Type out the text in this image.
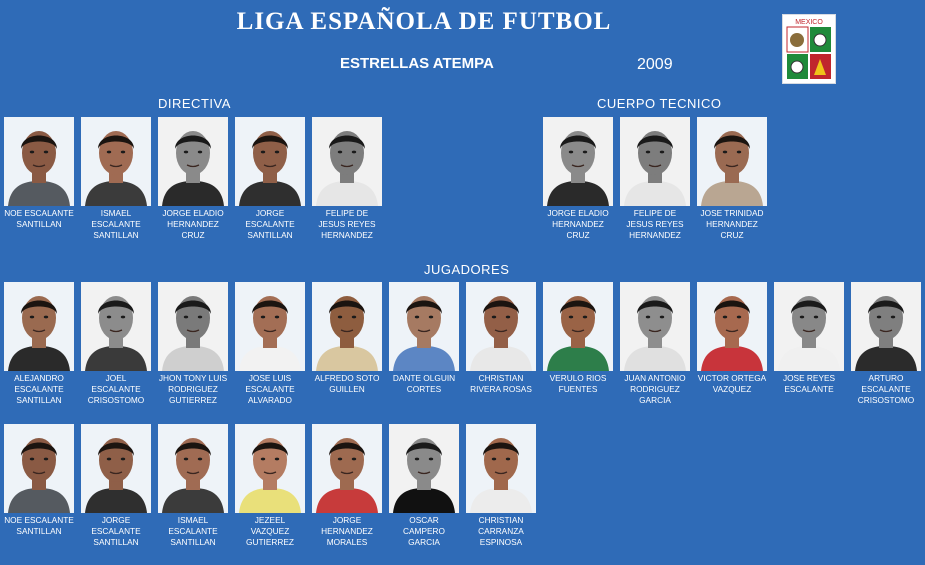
LIGA ESPAÑOLA DE FUTBOL
ESTRELLAS ATEMPA	2009
MEXICO
DIRECTIVA	CUERPO TECNICO
JUGADORES
NOE ESCALANTE SANTILLAN
ISMAEL ESCALANTE SANTILLAN
JORGE ELADIO HERNANDEZ CRUZ
JORGE ESCALANTE SANTILLAN
FELIPE DE JESUS REYES HERNANDEZ
JORGE ELADIO HERNANDEZ CRUZ
FELIPE DE JESUS REYES HERNANDEZ
JOSE TRINIDAD HERNANDEZ CRUZ
ALEJANDRO ESCALANTE SANTILLAN
JOEL ESCALANTE CRISOSTOMO
JHON TONY LUIS RODRIGUEZ GUTIERREZ
JOSE LUIS ESCALANTE ALVARADO
ALFREDO SOTO GUILLEN
DANTE OLGUIN CORTES
CHRISTIAN RIVERA ROSAS
VERULO RIOS FUENTES
JUAN ANTONIO RODRIGUEZ GARCIA
VICTOR ORTEGA VAZQUEZ
JOSE REYES ESCALANTE
ARTURO ESCALANTE CRISOSTOMO
NOE ESCALANTE SANTILLAN
JORGE ESCALANTE SANTILLAN
ISMAEL ESCALANTE SANTILLAN
JEZEEL VAZQUEZ GUTIERREZ
JORGE HERNANDEZ MORALES
OSCAR CAMPERO GARCIA
CHRISTIAN CARRANZA ESPINOSA
